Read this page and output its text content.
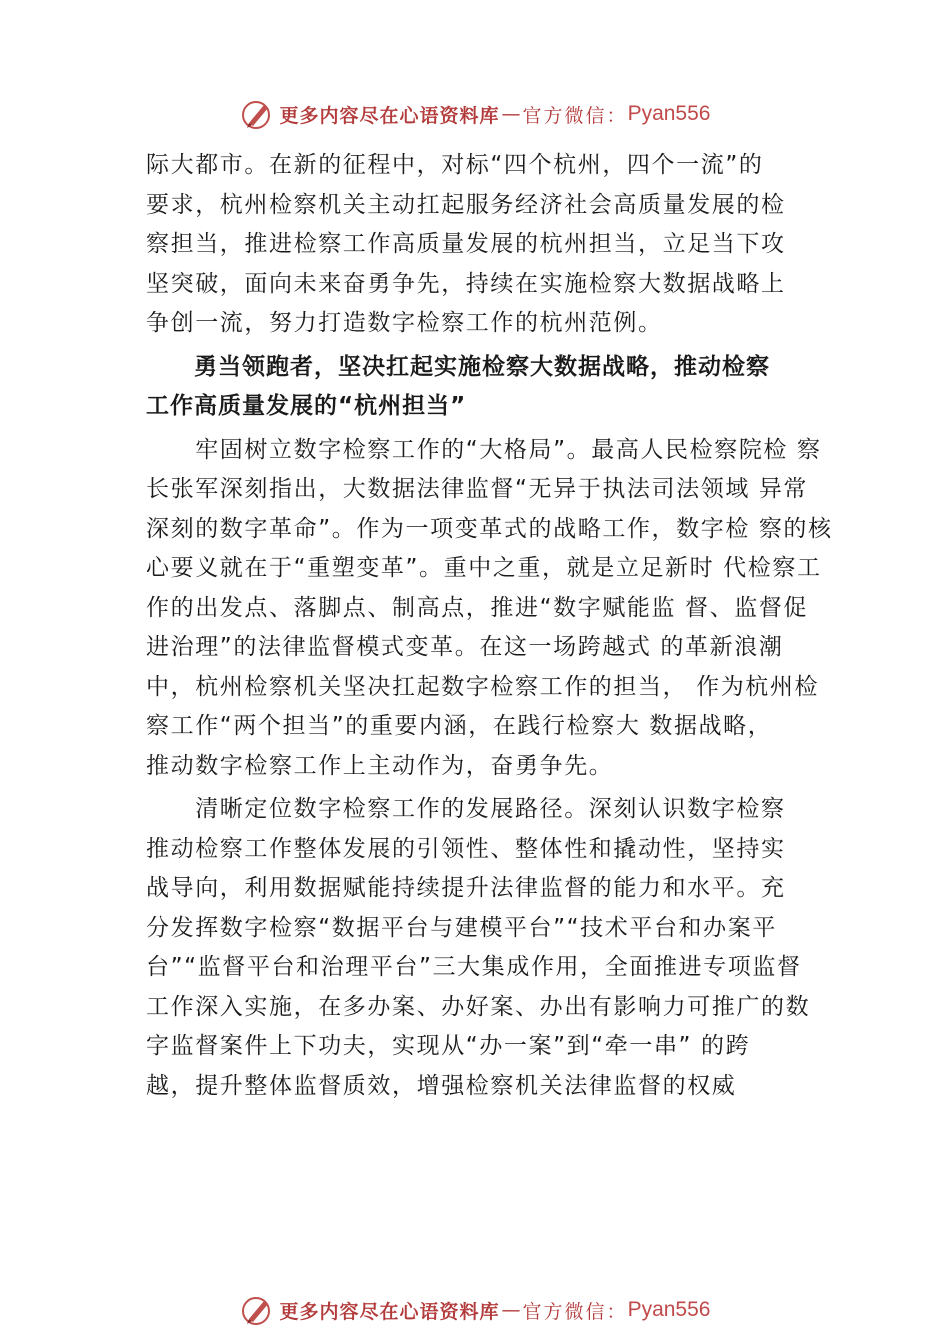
更多内容尽在心语资料库 — 官方微信： Pyan556
际大都市。在新的征程中，对标“四个杭州，四个一流”的
要求，杭州检察机关主动扛起服务经济社会高质量发展的检
察担当，推进检察工作高质量发展的杭州担当，立足当下攻
坚突破，面向未来奋勇争先，持续在实施检察大数据战略上
争创一流，努力打造数字检察工作的杭州范例。
　　勇当领跑者，坚决扛起实施检察大数据战略，推动检察
工作高质量发展的“杭州担当”
　　牢固树立数字检察工作的“大格局”。最高人民检察院检 察
长张军深刻指出，大数据法律监督“无异于执法司法领域 异常
深刻的数字革命”。作为一项变革式的战略工作，数字检 察的核
心要义就在于“重塑变革”。重中之重，就是立足新时 代检察工
作的出发点、落脚点、制高点，推进“数字赋能监 督、监督促
进治理”的法律监督模式变革。在这一场跨越式 的革新浪潮
中，杭州检察机关坚决扛起数字检察工作的担当， 作为杭州检
察工作“两个担当”的重要内涵，在践行检察大 数据战略，
推动数字检察工作上主动作为，奋勇争先。
　　清晰定位数字检察工作的发展路径。深刻认识数字检察
推动检察工作整体发展的引领性、整体性和撬动性，坚持实
战导向，利用数据赋能持续提升法律监督的能力和水平。充
分发挥数字检察“数据平台与建模平台”“技术平台和办案平
台”“监督平台和治理平台”三大集成作用，全面推进专项监督
工作深入实施，在多办案、办好案、办出有影响力可推广的数
字监督案件上下功夫，实现从“办一案”到“牵一串” 的跨
越，提升整体监督质效，增强检察机关法律监督的权威
更多内容尽在心语资料库 — 官方微信： Pyan556
